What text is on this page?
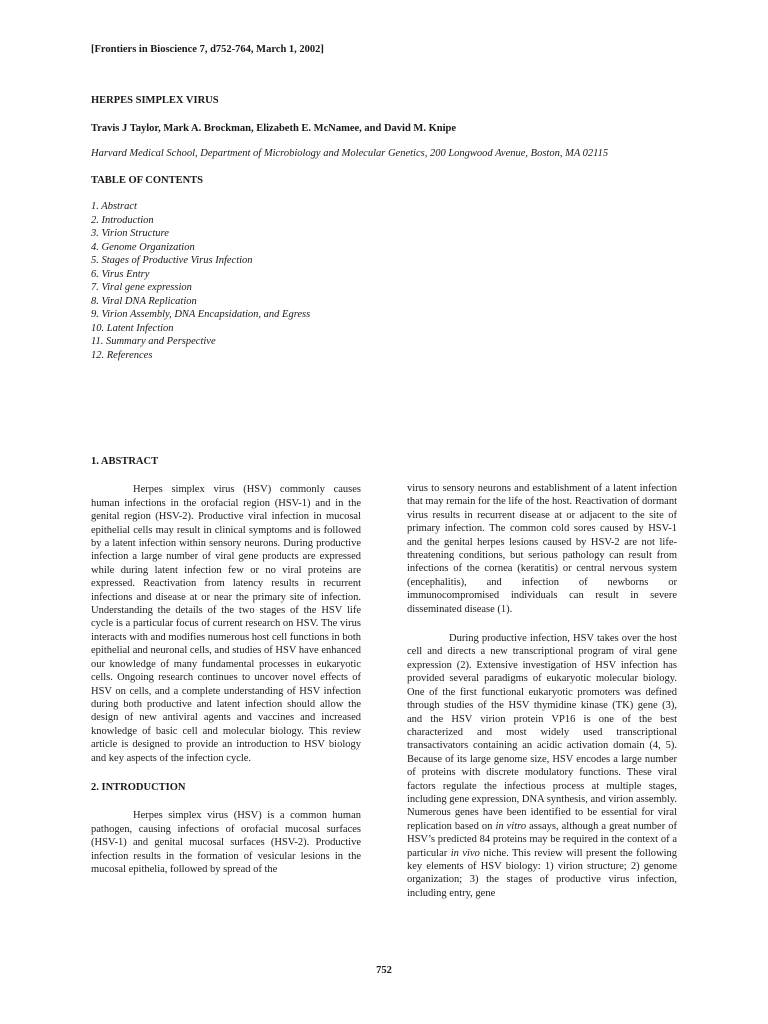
[Frontiers in Bioscience 7, d752-764, March 1, 2002]
HERPES SIMPLEX VIRUS
Travis J Taylor, Mark A. Brockman, Elizabeth E. McNamee, and David M. Knipe
Harvard Medical School, Department of Microbiology and Molecular Genetics, 200 Longwood Avenue, Boston, MA 02115
TABLE OF CONTENTS
1. Abstract
2. Introduction
3. Virion Structure
4. Genome Organization
5. Stages of Productive Virus Infection
6. Virus Entry
7. Viral gene expression
8. Viral DNA Replication
9. Virion Assembly, DNA Encapsidation, and Egress
10. Latent Infection
11. Summary and Perspective
12. References
1. ABSTRACT

Herpes simplex virus (HSV) commonly causes human infections in the orofacial region (HSV-1) and in the genital region (HSV-2). Productive viral infection in mucosal epithelial cells may result in clinical symptoms and is followed by a latent infection within sensory neurons. During productive infection a large number of viral gene products are expressed while during latent infection few or no viral proteins are expressed. Reactivation from latency results in recurrent infections and disease at or near the primary site of infection. Understanding the details of the two stages of the HSV life cycle is a particular focus of current research on HSV. The virus interacts with and modifies numerous host cell functions in both epithelial and neuronal cells, and studies of HSV have enhanced our knowledge of many fundamental processes in eukaryotic cells. Ongoing research continues to uncover novel effects of HSV on cells, and a complete understanding of HSV infection during both productive and latent infection should allow the design of new antiviral agents and vaccines and increased knowledge of basic cell and molecular biology. This review article is designed to provide an introduction to HSV biology and key aspects of the infection cycle.

2. INTRODUCTION

Herpes simplex virus (HSV) is a common human pathogen, causing infections of orofacial mucosal surfaces (HSV-1) and genital mucosal surfaces (HSV-2). Productive infection results in the formation of vesicular lesions in the mucosal epithelia, followed by spread of the

virus to sensory neurons and establishment of a latent infection that may remain for the life of the host. Reactivation of dormant virus results in recurrent disease at or adjacent to the site of primary infection. The common cold sores caused by HSV-1 and the genital herpes lesions caused by HSV-2 are not life-threatening conditions, but serious pathology can result from infections of the cornea (keratitis) or central nervous system (encephalitis), and infection of newborns or immunocompromised individuals can result in severe disseminated disease (1).

During productive infection, HSV takes over the host cell and directs a new transcriptional program of viral gene expression (2). Extensive investigation of HSV infection has provided several paradigms of eukaryotic molecular biology. One of the first functional eukaryotic promoters was defined through studies of the HSV thymidine kinase (TK) gene (3), and the HSV virion protein VP16 is one of the best characterized and most widely used transcriptional transactivators containing an acidic activation domain (4, 5). Because of its large genome size, HSV encodes a large number of proteins with discrete modulatory functions. These viral factors regulate the infectious process at multiple stages, including gene expression, DNA synthesis, and virion assembly. Numerous genes have been identified to be essential for viral replication based on in vitro assays, although a great number of HSV’s predicted 84 proteins may be required in the context of a particular in vivo niche. This review will present the following key elements of HSV biology: 1) virion structure; 2) genome organization; 3) the stages of productive virus infection, including entry, gene

752
